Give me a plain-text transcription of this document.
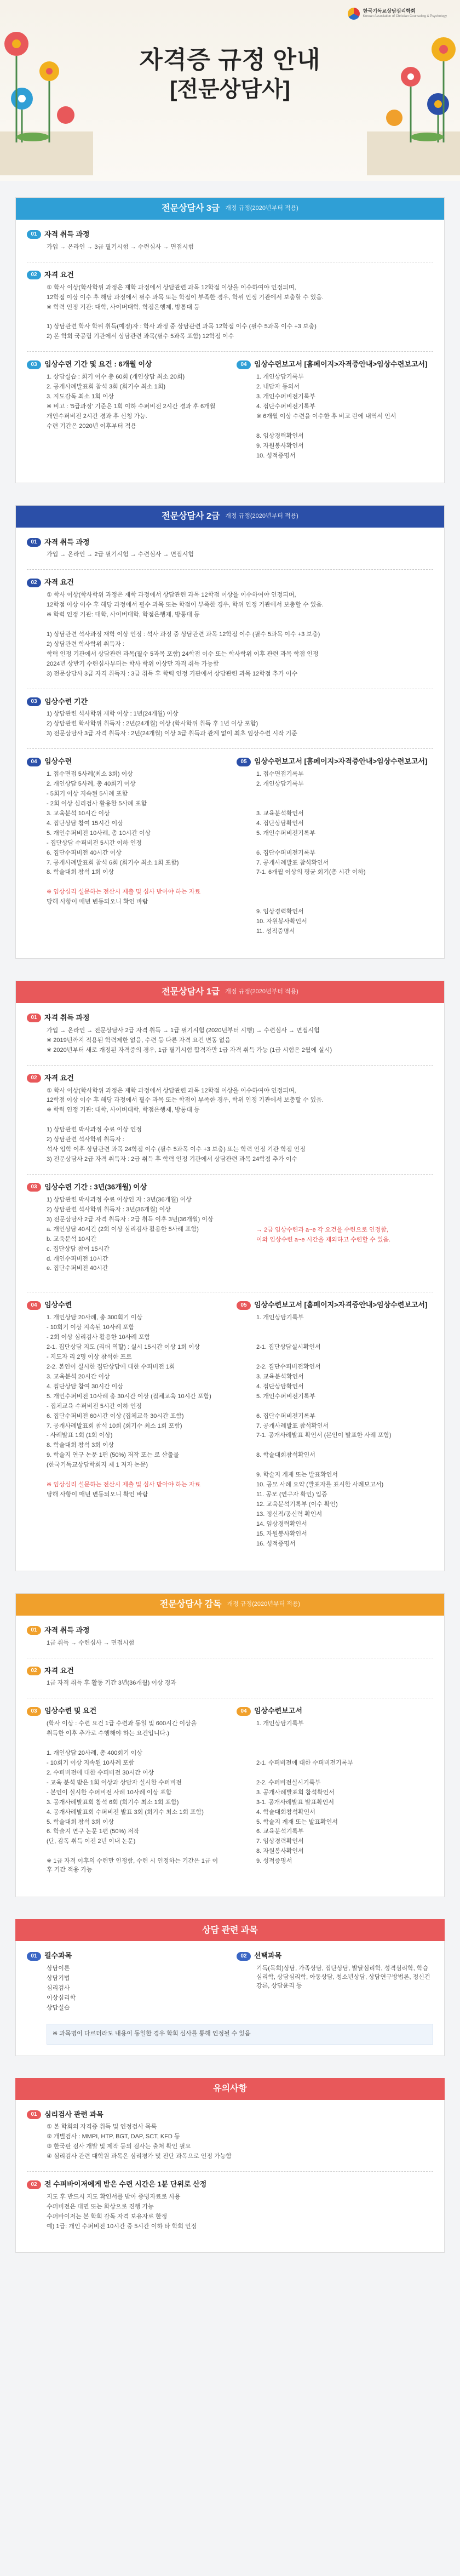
한국기독교상담심리학회
Korean Association of Christian Counseling & Psychology
자격증 규정 안내
[전문상담사]
전문상담사 3급 개정 규정(2020년부터 적용)
01	자격 취득 과정
가입 → 온라인 → 3급 필기시험 → 수련심사 → 면접시험
02	자격 요건
① 학사 이상(학사학위 과정은 재학 과정에서 상담관련 과목 12학점 이상을 이수하여야 인정되며,
12학점 이상 이수 후 해당 과정에서 필수 과목 또는 학점이 부족한 경우, 학위 인정 기관에서 보충할 수 있음.
※ 학력 인정 기관: 대학, 사이버대학, 학점은행제, 방통대 등

1) 상담관련 학사 학위 취득(예정)자 : 학사 과정 중 상담관련 과목 12학점 이수 (필수 5과목 이수 +3 보충)
2) 본 학회 국공립 기관에서 상담관련 과목(필수 5과목 포함) 12학점 이수
03	임상수련 기간 및 요건 : 6개월 이상
1. 상담실습 : 회기 이수 총 60회 (개인상담 최소 20회)
2. 공개사례발표회 참석 3회 (회기수 최소 1회)
3. 지도감독 최소 1회 이상
※ 비고 : '5급과정' 기준은 1회 이하 수퍼비전 2시간 경과 후 6개월
개인수퍼비전 2시간 경과 후 신청 가능.
수련 기간은 2020년 이후부터 적용
04	임상수련보고서 [홈페이지>자격증안내>임상수련보고서]
1. 개인상담기록부
2. 내담자 동의서
3. 개인수퍼비전기록부
4. 집단수퍼비전기록부
※ 6개월 이상 수련을 이수한 후 비고 란에 내역서 인서

8. 임상경력확인서
9. 자원봉사확인서
10. 성적증명서
전문상담사 2급 개정 규정(2020년부터 적용)
01	자격 취득 과정
가입 → 온라인 → 2급 필기시험 → 수련심사 → 면접시험
02	자격 요건
① 학사 이상(학사학위 과정은 재학 과정에서 상담관련 과목 12학점 이상을 이수하여야 인정되며,
12학점 이상 이수 후 해당 과정에서 필수 과목 또는 학점이 부족한 경우, 학위 인정 기관에서 보충할 수 있음.
※ 학력 인정 기관: 대학, 사이버대학, 학점은행제, 방통대 등

1) 상담관련 석사과정 재학 이상 인정 : 석사 과정 중 상담관련 과목 12학점 이수 (필수 5과목 이수 +3 보충)
2) 상담관련 학사학위 취득자 :
학력 인정 기관에서 상담관련 과목(필수 5과목 포함) 24학점 이수 또는 학사학위 이후 관련 과목 학점 인정
2024년 상반기 수련심사부터는 학사 학위 이상만 자격 취득 가능함
3) 전문상담사 3급 자격 취득자 : 3급 취득 후 학력 인정 기관에서 상담관련 과목 12학점 추가 이수
03	임상수련 기간
1) 상담관련 석사학위 재학 이상 : 1년(24개월) 이상
2) 상담관련 학사학위 취득자 : 2년(24개월) 이상 (학사학위 취득 후 1년 이상 포함)
3) 전문상담사 3급 자격 취득자 : 2년(24개월) 이상 3급 취득과 관계 없이 최초 임상수련 시작 기준
04	임상수련
1. 접수면접 5사례(최소 3회) 이상
2. 개인상담 5사례, 총 40회기 이상
- 5회기 이상 지속된 5사례 포함
- 2회 이상 심리검사 활용한 5사례 포함
3. 교육분석 10시간 이상
4. 집단상담 참여 15시간 이상
5. 개인수퍼비전 10사례, 총 10시간 이상
- 집단상담 수퍼비전 5시간 이하 인정
6. 집단수퍼비전 40시간 이상
7. 공개사례발표회 참석 6회 (회기수 최소 1회 포함)
8. 학술대회 참석 1회 이상

※ 임상심리 설문하는 전산시 제출 및 심사 받아야 하는 자료
당해 사항이 매년 변동되오니 확인 바람
05	임상수련보고서 [홈페이지>자격증안내>임상수련보고서]
1. 접수면접기록부
2. 개인상담기록부

3. 교육분석확인서
4. 집단상담확인서
5. 개인수퍼비전기록부

6. 집단수퍼비전기록부
7. 공개사례발표 참석확인서
7-1. 6개월 이상의 평균 회기(총 시간 이하)

9. 임상경력확인서
10. 자원봉사확인서
11. 성적증명서
전문상담사 1급 개정 규정(2020년부터 적용)
01	자격 취득 과정
가입 → 온라인 → 전문상담사 2급 자격 취득 → 1급 필기시험 (2020년부터 시행) → 수련심사 → 면접시험
※ 2019년까지 적용된 학력제한 없음, 수련 등 다른 자격 요건 변동 없음
※ 2020년부터 새로 개정된 자격증의 경우, 1급 필기시험 합격자만 1급 자격 취득 가능 (1급 시험은 2월에 실시)
02	자격 요건
① 학사 이상(학사학위 과정은 재학 과정에서 상담관련 과목 12학점 이상을 이수하여야 인정되며,
12학점 이상 이수 후 해당 과정에서 필수 과목 또는 학점이 부족한 경우, 학위 인정 기관에서 보충할 수 있음.
※ 학력 인정 기관: 대학, 사이버대학, 학점은행제, 방통대 등

1) 상담관련 박사과정 수료 이상 인정
2) 상담관련 석사학위 취득자 :
석사 입학 이후 상담관련 과목 24학점 이수 (필수 5과목 이수 +3 보충) 또는 학력 인정 기관 학점 인정
3) 전문상담사 2급 자격 취득자 : 2급 취득 후 학력 인정 기관에서 상담관련 과목 24학점 추가 이수
03	임상수련 기간 : 3년(36개월) 이상
1) 상담관련 박사과정 수료 이상인 자 : 3년(36개월) 이상
2) 상담관련 석사학위 취득자 : 3년(36개월) 이상
3) 전문상담사 2급 자격 취득자 : 2급 취득 이후 3년(36개월) 이상
a. 개인상담 40시간 (2회 이상 심리검사 활용한 5사례 포함)
b. 교육분석 10시간
c. 집단상담 참여 15시간
d. 개인수퍼비전 10시간
e. 집단수퍼비전 40시간
→ 2급 임상수련과 a~e 각 요건을 수련으로 인정함,
이와 임상수련 a~e 시간을 제외하고 수련할 수 있음.
04	임상수련
1. 개인상담 20사례, 총 300회기 이상
- 10회기 이상 지속된 10사례 포함
- 2회 이상 심리검사 활용한 10사례 포함
2-1. 집단상담 지도 (리더 역할) : 실시 15시간 이상 1회 이상
- 지도자 리 2명 이상 참석한 프로
2-2. 본인이 실시한 집단상담에 대한 수퍼비전 1회
3. 교육분석 20시간 이상
4. 집단상담 참여 30시간 이상
5. 개인수퍼비전 10사례 총 30시간 이상 (집체교육 10시간 포함)
- 집체교육 수퍼비전 5시간 이하 인정
6. 집단수퍼비전 60시간 이상 (집체교육 30시간 포함)
7. 공개사례발표회 참석 10회 (회기수 최소 1회 포함)
- 사례발표 1회 (1회 이상)
8. 학술대회 참석 3회 이상
9. 학술지 연구 논문 1편 (50%) 저작 또는 로 산출물
(한국기독교상담학회지 제 1 저자 논문)

※ 임상심리 설문하는 전산시 제출 및 심사 받아야 하는 자료
당해 사항이 매년 변동되오니 확인 바람
05	임상수련보고서 [홈페이지>자격증안내>임상수련보고서]
1. 개인상담기록부

2-1. 집단상담실시확인서

2-2. 집단수퍼비전확인서
3. 교육분석확인서
4. 집단상담확인서
5. 개인수퍼비전기록부

6. 집단수퍼비전기록부
7. 공개사례발표 참석확인서
7-1. 공개사례발표 확인서 (본인이 발표한 사례 포함)

8. 학술대회참석확인서

9. 학술지 게재 또는 발표확인서
10. 공모 사례 요약 (발표자를 표시한 사례보고서)
11. 공모 (연구자 확인) 입증
12. 교육분석기록부 (이수 확인)
13. 정신적/공신력 확인서
14. 임상경력확인서
15. 자원봉사확인서
16. 성적증명서
전문상담사 감독 개정 규정(2020년부터 적용)
01	자격 취득 과정
1급 취득 → 수련심사 → 면접시험
02	자격 요건
1급 자격 취득 후 활동 기간 3년(36개월) 이상 경과
03	임상수련 및 요건
(학사 이상 : 수련 요건 1급 수련과 동일 및 600시간 이상을
취득한 이후 추가로 수행해야 하는 요건입니다.)

1. 개인상담 20사례, 총 400회기 이상
- 10회기 이상 지속된 10사례 포함
2. 수퍼비전에 대한 수퍼비전 30시간 이상
- 교육 분석 받은 1회 이상과 상담자 실시한 수퍼비전
- 본인이 실시한 수퍼비전 사례 10사례 이상 포함
3. 공개사례발표회 참석 6회 (회기수 최소 1회 포함)
4. 공개사례발표회 수퍼비전 발표 3회 (회기수 최소 1회 포함)
5. 학술대회 참석 3회 이상
6. 학술지 연구 논문 1편 (50%) 저작
(단, 감독 취득 이전 2년 이내 논문)

※ 1급 자격 이후의 수련만 인정함, 수련 시 인정하는 기간은 1급 이후 기간 적용 가능
04	임상수련보고서
1. 개인상담기록부

2-1. 수퍼비전에 대한 수퍼비전기록부

2-2. 수퍼비전실시기록부
3. 공개사례발표회 참석확인서
3-1. 공개사례발표 발표확인서
4. 학술대회참석확인서
5. 학술지 게재 또는 발표확인서
6. 교육분석기록부
7. 임상경력확인서
8. 자원봉사확인서
9. 성적증명서
상담 관련 과목
01	필수과목
상담이론
상담기법
심리검사
이상심리학
상담실습
02	선택과목
기독(목회)상담, 가족상담, 집단상담, 발달심리학, 성격심리학, 학습심리학, 상담심리학, 아동상담, 청소년상담, 상담연구방법론, 정신건강론, 상담윤리 등
※ 과목명이 다르더라도 내용이 동일한 경우 학회 심사를 통해 인정될 수 있음
유의사항
01	심리검사 관련 과목
① 본 학회의 자격증 취득 및 인정검사 목록
② 개별검사 : MMPI, HTP, BGT, DAP, SCT, KFD 등
③ 한국판 검사 개발 및 제작 등의 검사는 출처 확인 필요
④ 심리검사 관련 대학원 과목은 심리평가 및 진단 과목으로 인정 가능함
02	전 수퍼바이저에게 받은 수련 시간은 1분 단위로 산정
지도 후 반드시 지도 확인서를 받아 증빙자료로 사용
수퍼비전은 대면 또는 화상으로 진행 가능
수퍼바이저는 본 학회 감독 자격 보유자로 한정
예) 1급: 개인 수퍼비전 10시간 중 5시간 이하 타 학회 인정
